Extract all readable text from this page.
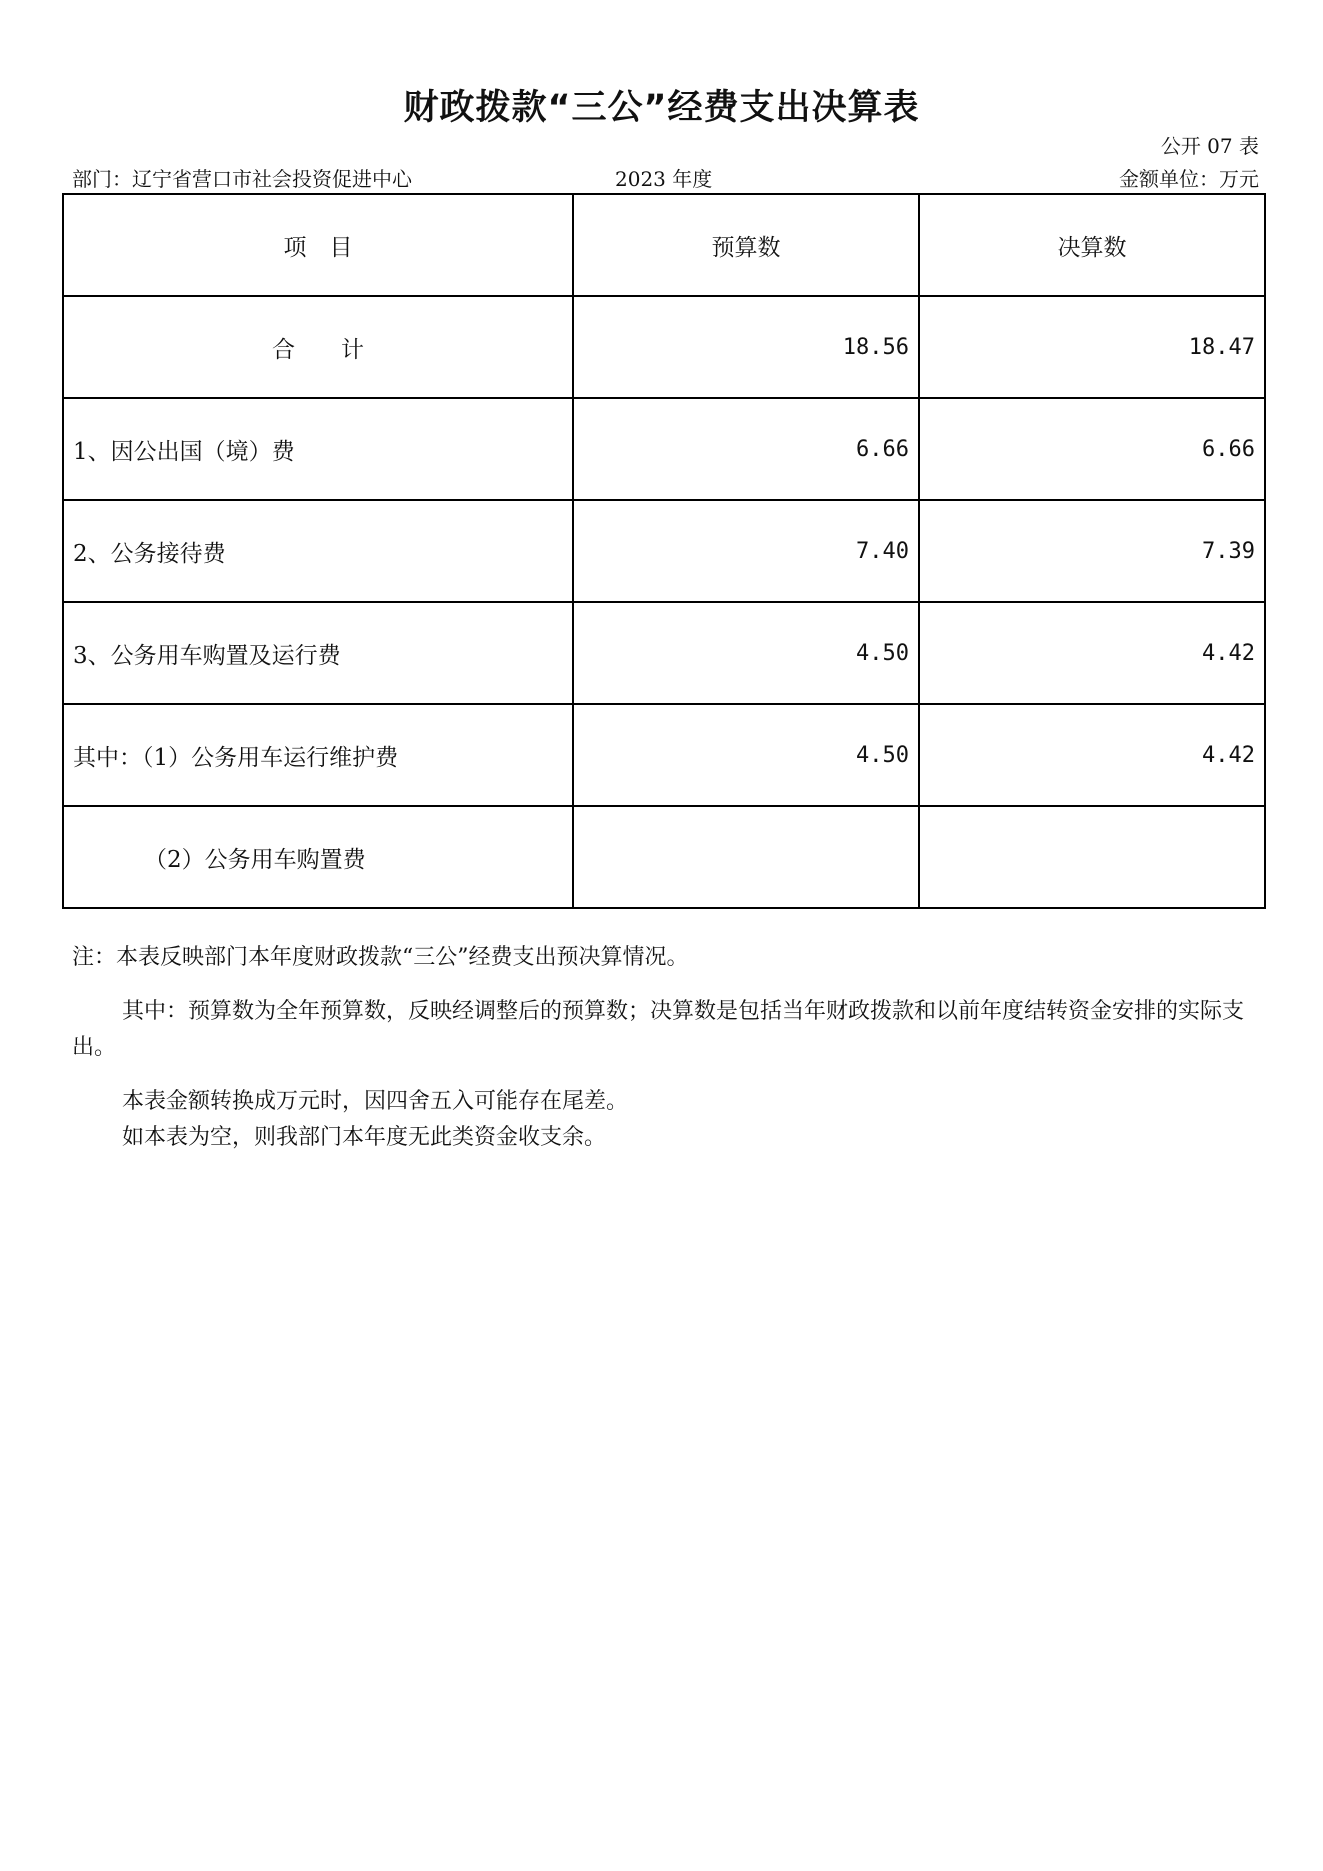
财政拨款“三公”经费支出决算表
公开 07 表
部门：辽宁省营口市社会投资促进中心	2023 年度	金额单位：万元
项　目	预算数	决算数
合　　计	18.56	18.47
1、因公出国（境）费	6.66	6.66
2、公务接待费	7.40	7.39
3、公务用车购置及运行费	4.50	4.42
其中：（1）公务用车运行维护费	4.50	4.42
（2）公务用车购置费		

注：本表反映部门本年度财政拨款“三公”经费支出预决算情况。

其中：预算数为全年预算数，反映经调整后的预算数；决算数是包括当年财政拨款和以前年度结转资金安排的实际支出。

本表金额转换成万元时，因四舍五入可能存在尾差。

如本表为空，则我部门本年度无此类资金收支余。
